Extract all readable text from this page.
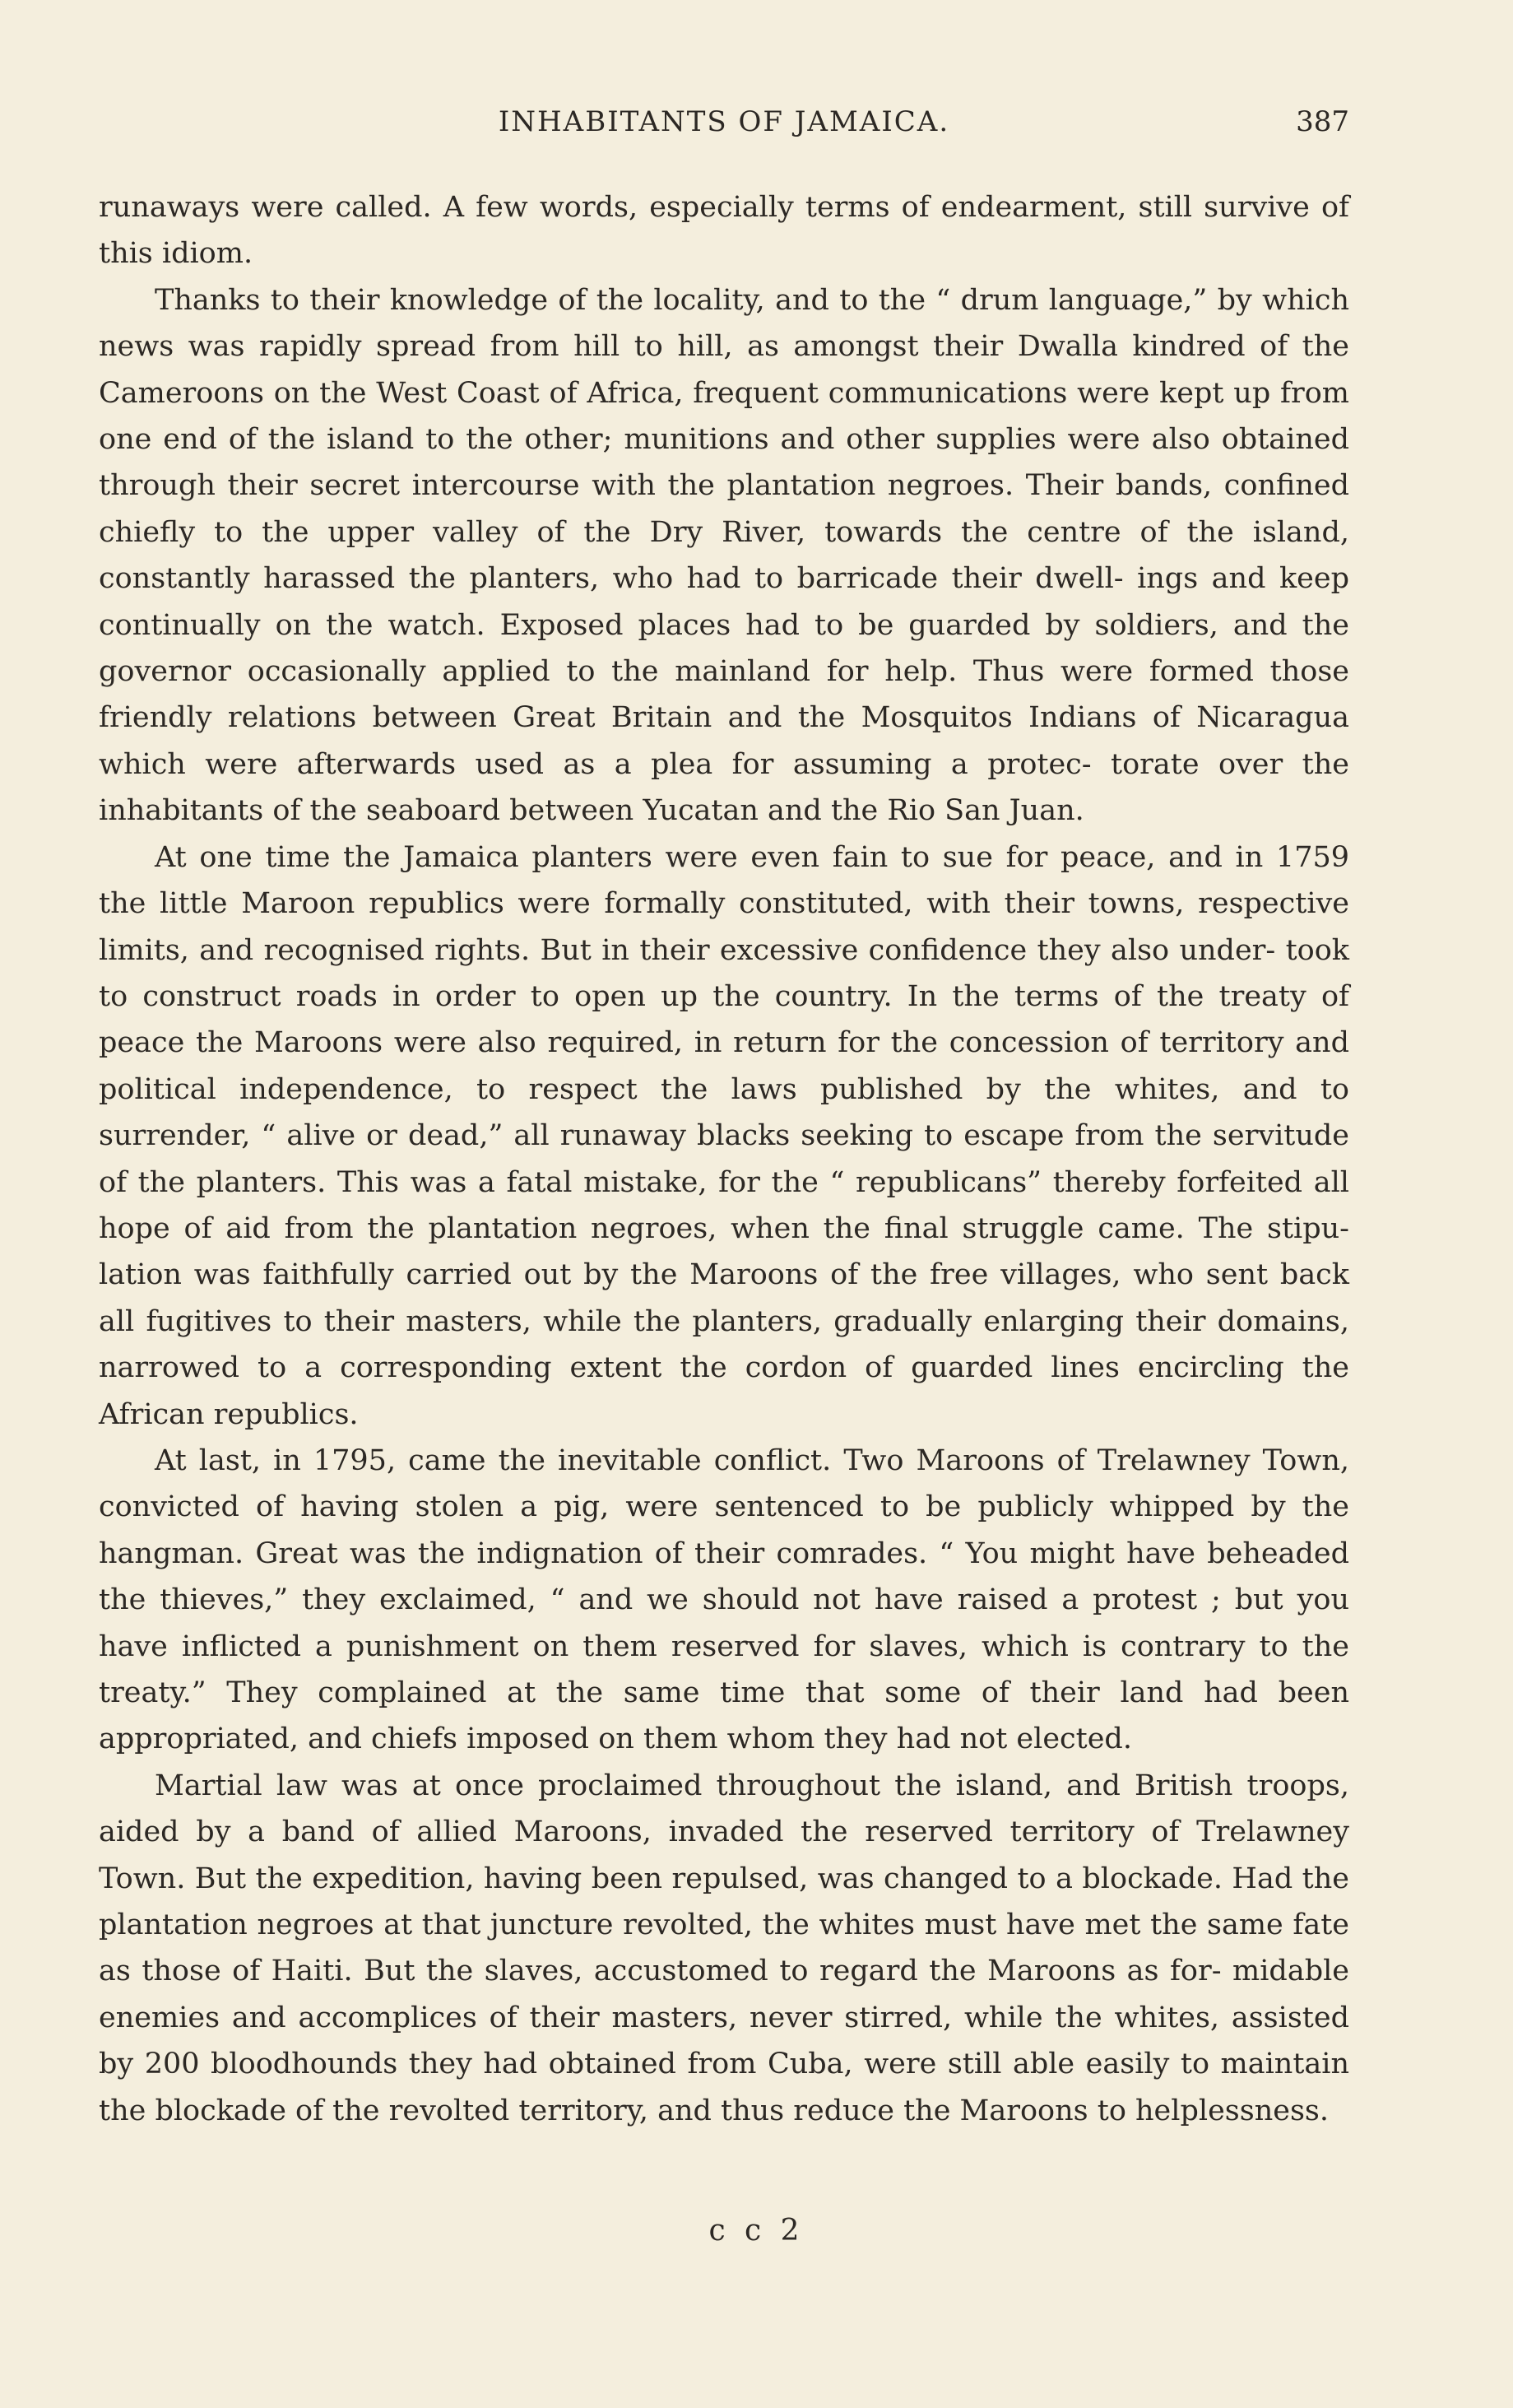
INHABITANTS OF JAMAICA.	387

runaways were called. A few words, especially terms of endearment, still survive of this idiom.

Thanks to their knowledge of the locality, and to the “ drum language,” by which news was rapidly spread from hill to hill, as amongst their Dwalla kindred of the Cameroons on the West Coast of Africa, frequent communications were kept up from one end of the island to the other; munitions and other supplies were also obtained through their secret intercourse with the plantation negroes. Their bands, confined chiefly to the upper valley of the Dry River, towards the centre of the island, constantly harassed the planters, who had to barricade their dwell- ings and keep continually on the watch. Exposed places had to be guarded by soldiers, and the governor occasionally applied to the mainland for help. Thus were formed those friendly relations between Great Britain and the Mosquitos Indians of Nicaragua which were afterwards used as a plea for assuming a protec- torate over the inhabitants of the seaboard between Yucatan and the Rio San Juan.

At one time the Jamaica planters were even fain to sue for peace, and in 1759 the little Maroon republics were formally constituted, with their towns, respective limits, and recognised rights. But in their excessive confidence they also under- took to construct roads in order to open up the country. In the terms of the treaty of peace the Maroons were also required, in return for the concession of territory and political independence, to respect the laws published by the whites, and to surrender, “ alive or dead,” all runaway blacks seeking to escape from the servitude of the planters. This was a fatal mistake, for the “ republicans” thereby forfeited all hope of aid from the plantation negroes, when the final struggle came. The stipu- lation was faithfully carried out by the Maroons of the free villages, who sent back all fugitives to their masters, while the planters, gradually enlarging their domains, narrowed to a corresponding extent the cordon of guarded lines encircling the African republics.

At last, in 1795, came the inevitable conflict. Two Maroons of Trelawney Town, convicted of having stolen a pig, were sentenced to be publicly whipped by the hangman. Great was the indignation of their comrades. “ You might have beheaded the thieves,” they exclaimed, “ and we should not have raised a protest ; but you have inflicted a punishment on them reserved for slaves, which is contrary to the treaty.” They complained at the same time that some of their land had been appropriated, and chiefs imposed on them whom they had not elected.

Martial law was at once proclaimed throughout the island, and British troops, aided by a band of allied Maroons, invaded the reserved territory of Trelawney Town. But the expedition, having been repulsed, was changed to a blockade. Had the plantation negroes at that juncture revolted, the whites must have met the same fate as those of Haiti. But the slaves, accustomed to regard the Maroons as for- midable enemies and accomplices of their masters, never stirred, while the whites, assisted by 200 bloodhounds they had obtained from Cuba, were still able easily to maintain the blockade of the revolted territory, and thus reduce the Maroons to helplessness.

c c 2
